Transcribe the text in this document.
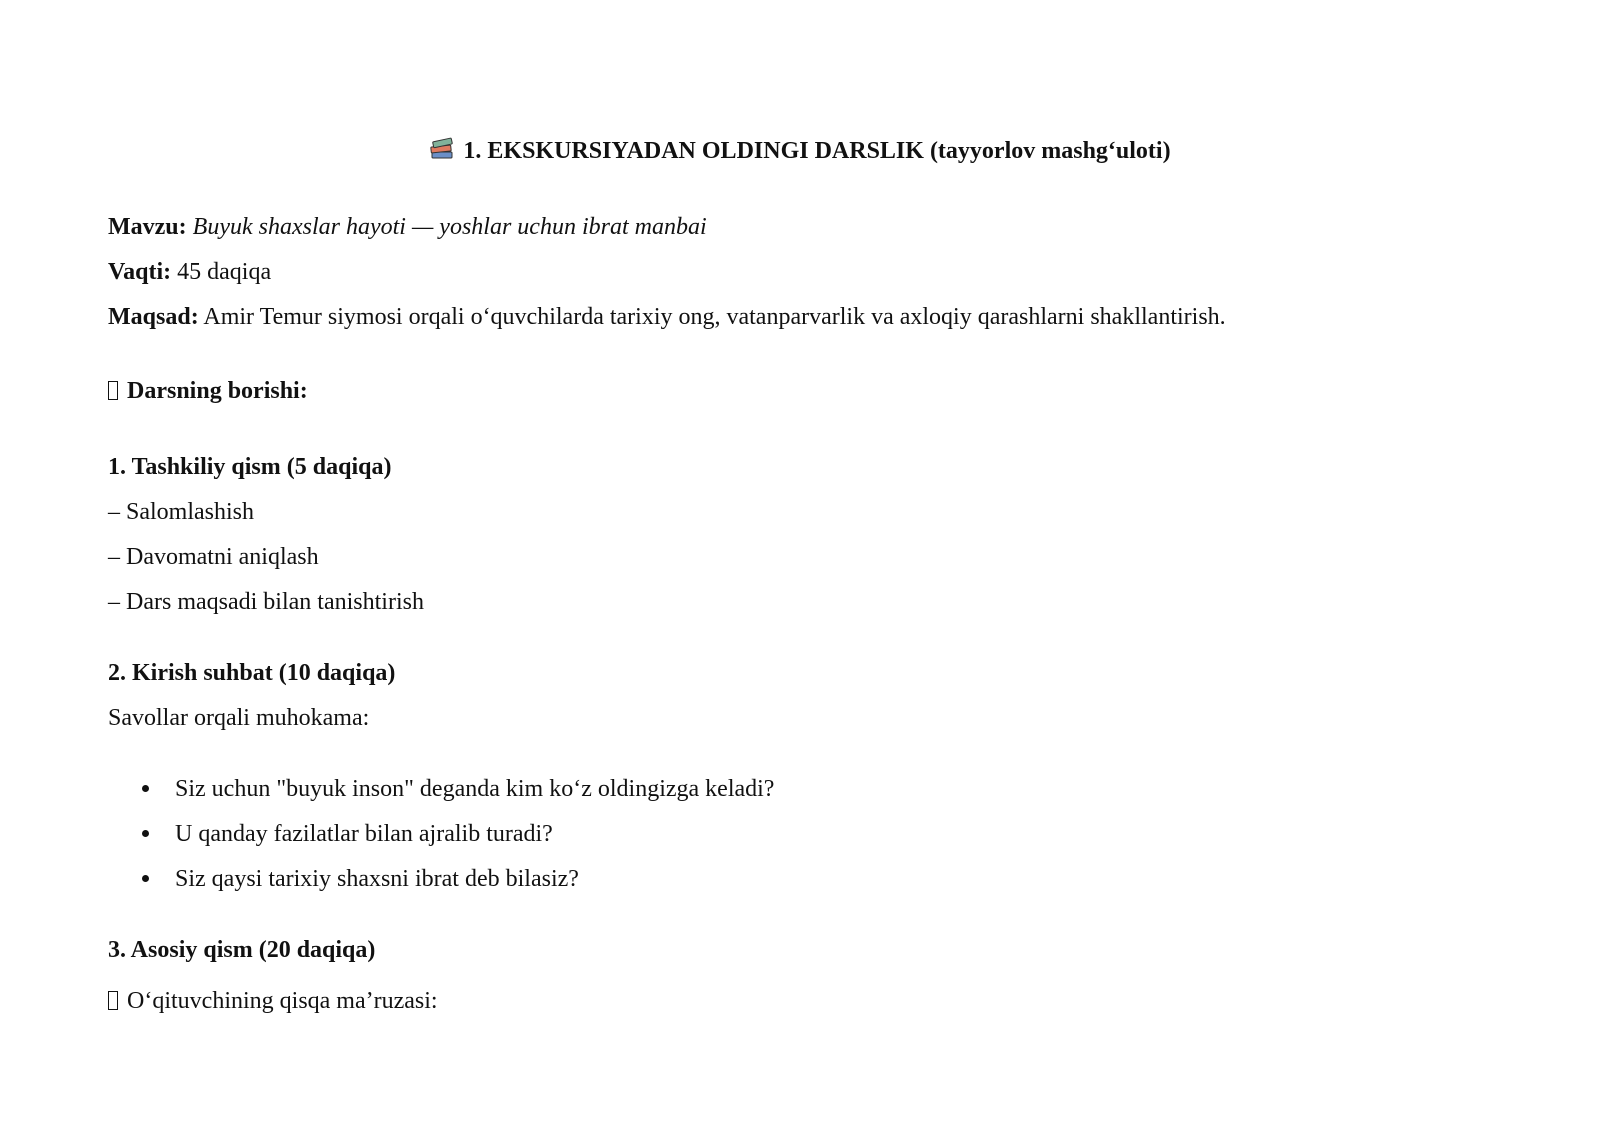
1. EKSKURSIYADAN OLDINGI DARSLIK (tayyorlov mashg‘uloti)
Mavzu: Buyuk shaxslar hayoti — yoshlar uchun ibrat manbai
Vaqti: 45 daqiqa
Maqsad: Amir Temur siymosi orqali o‘quvchilarda tarixiy ong, vatanparvarlik va axloqiy qarashlarni shakllantirish.
Darsning borishi:
1. Tashkiliy qism (5 daqiqa)
– Salomlashish
– Davomatni aniqlash
– Dars maqsadi bilan tanishtirish
2. Kirish suhbat (10 daqiqa)
Savollar orqali muhokama:
Siz uchun "buyuk inson" deganda kim ko‘z oldingizga keladi?
U qanday fazilatlar bilan ajralib turadi?
Siz qaysi tarixiy shaxsni ibrat deb bilasiz?
3. Asosiy qism (20 daqiqa)
O‘qituvchining qisqa ma’ruzasi:
